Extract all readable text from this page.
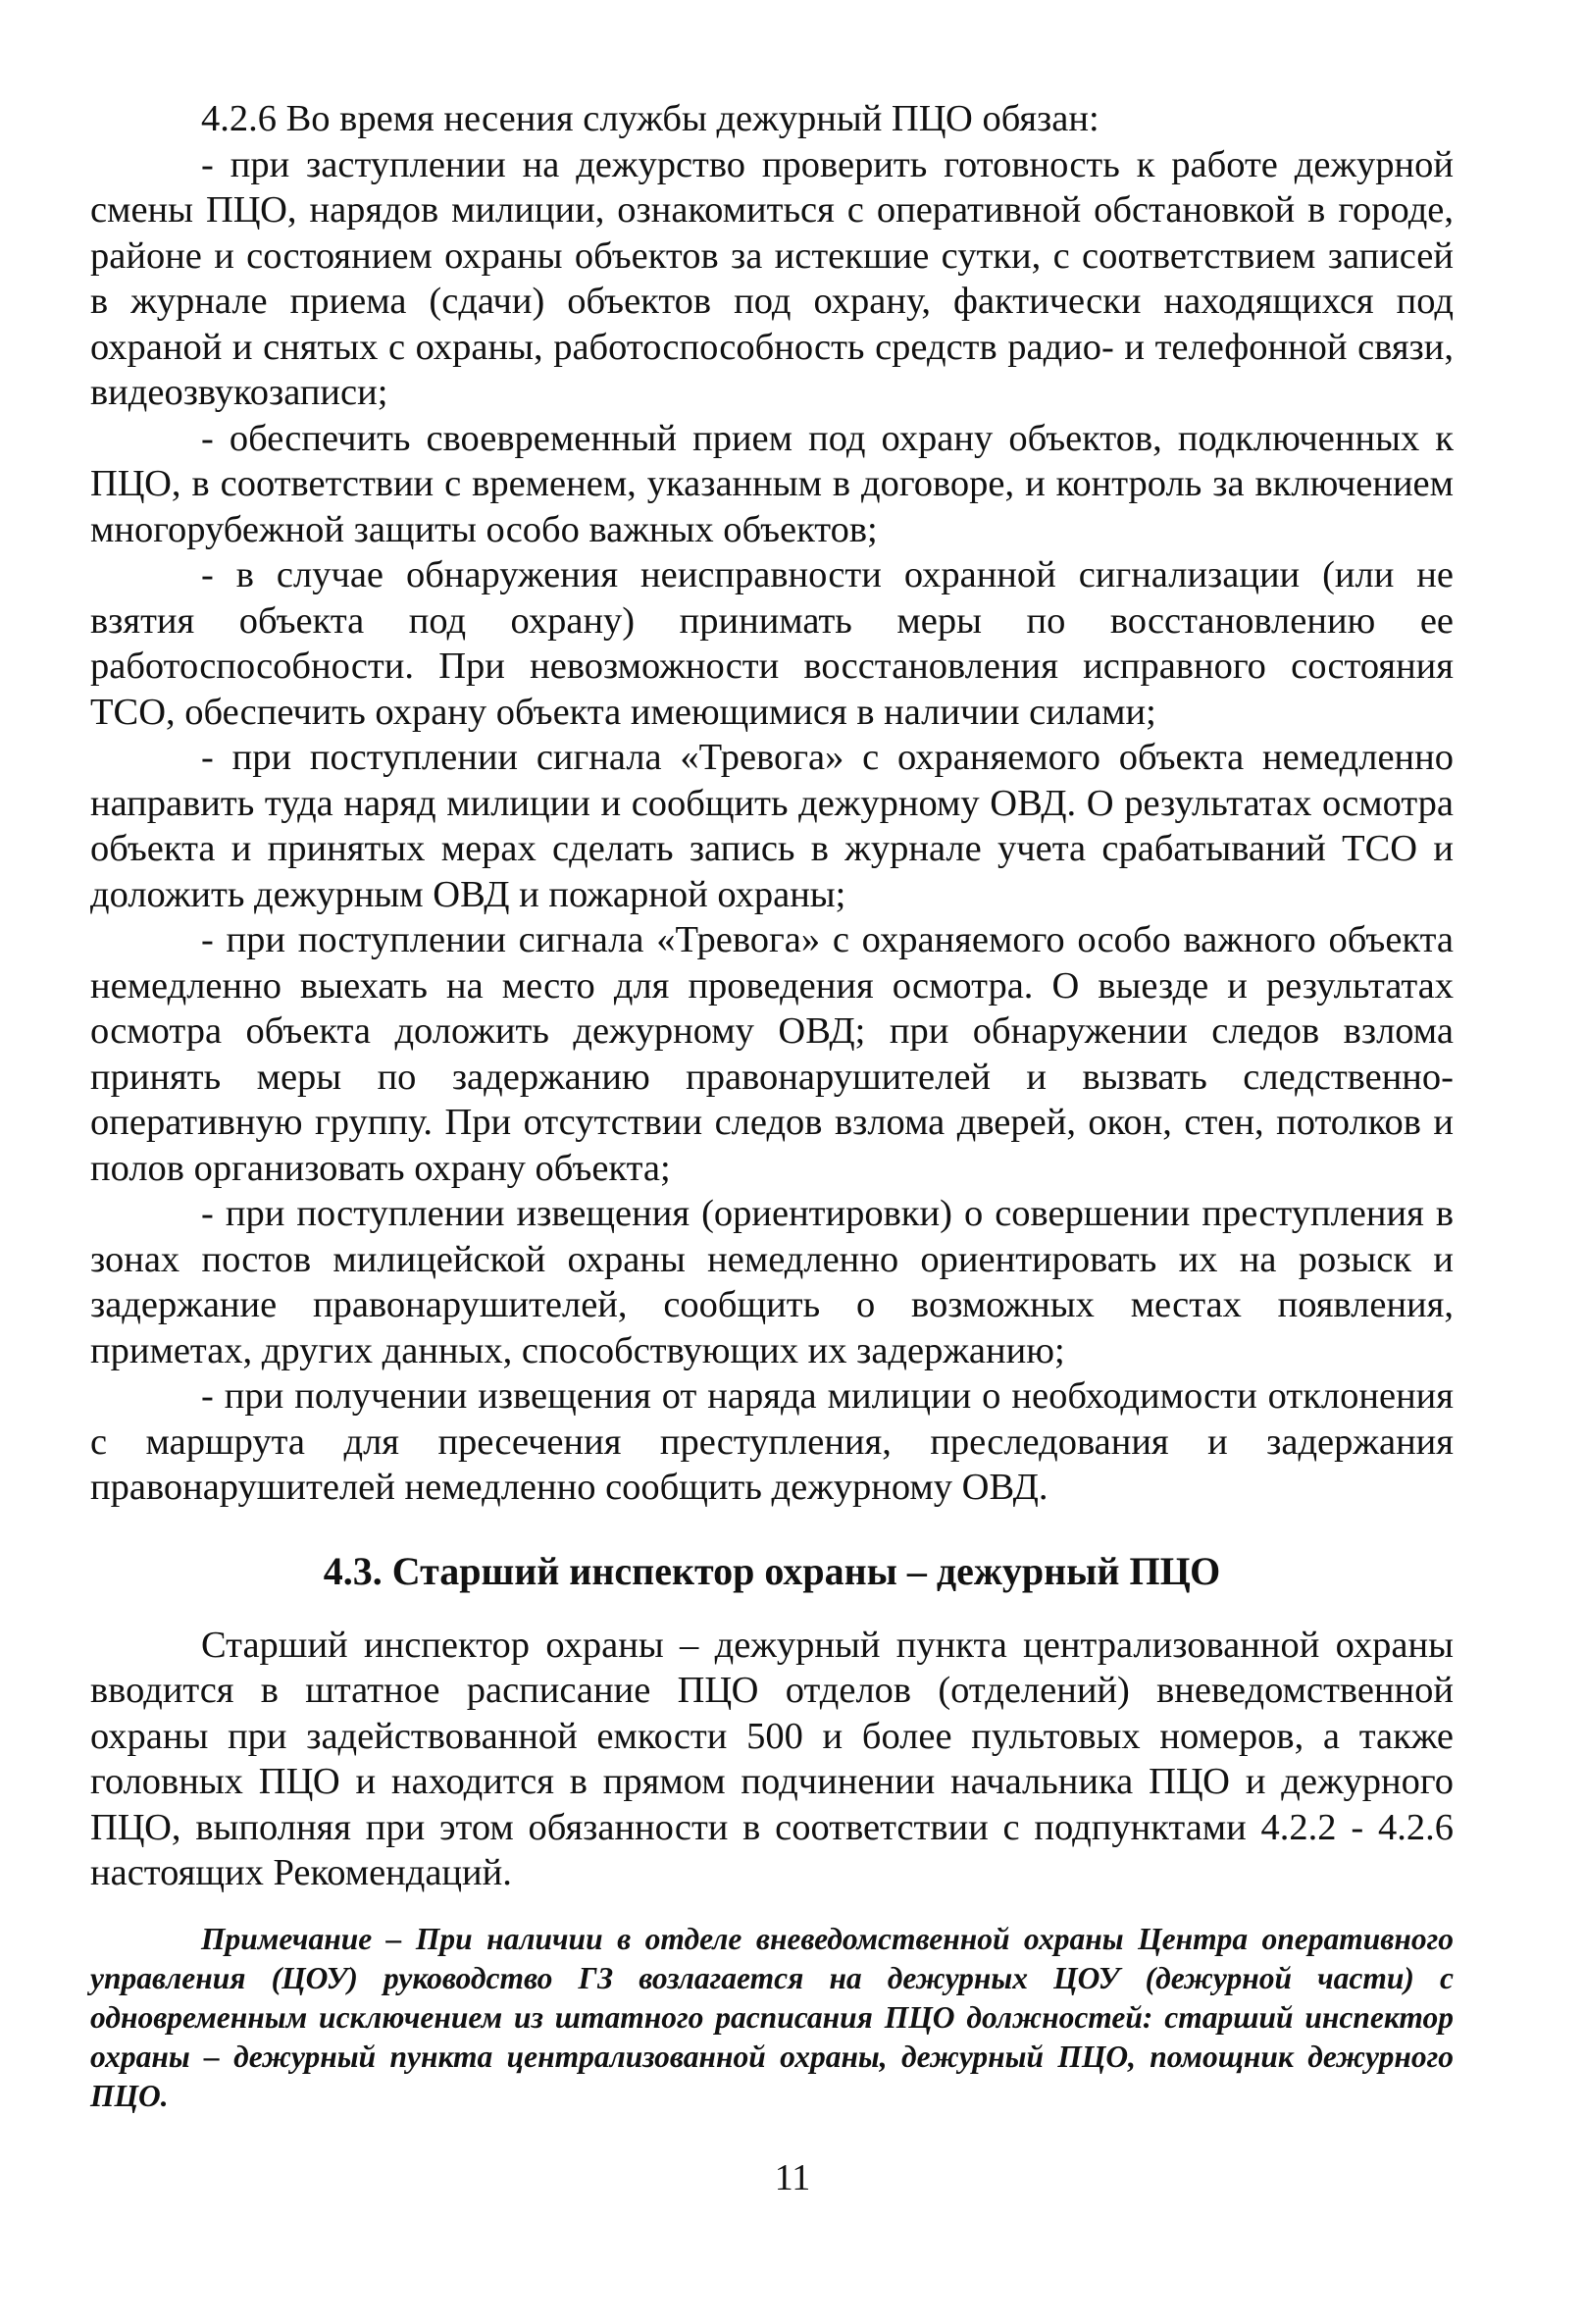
4.2.6 Во время несения службы дежурный ПЦО обязан:

- при заступлении на дежурство проверить готовность к работе дежурной смены ПЦО, нарядов милиции, ознакомиться с оперативной обстановкой в городе, районе и состоянием охраны объектов за истекшие сутки, с соответствием записей в журнале приема (сдачи) объектов под охрану, фактически находящихся под охраной и снятых с охраны, работоспособность средств радио- и телефонной связи, видеозвукозаписи;

- обеспечить своевременный прием под охрану объектов, подключенных к ПЦО, в соответствии с временем, указанным в договоре, и контроль за включением многорубежной защиты особо важных объектов;

- в случае обнаружения неисправности охранной сигнализации (или не взятия объекта под охрану) принимать меры по восстановлению ее работоспособности. При невозможности восстановления исправного состояния ТСО, обеспечить охрану объекта имеющимися в наличии силами;

- при поступлении сигнала «Тревога» с охраняемого объекта немедленно направить туда наряд милиции и сообщить дежурному ОВД. О результатах осмотра объекта и принятых мерах сделать запись в журнале учета срабатываний ТСО и доложить дежурным ОВД и пожарной охраны;

- при поступлении сигнала «Тревога» с охраняемого особо важного объекта немедленно выехать на место для проведения осмотра. О выезде и результатах осмотра объекта доложить дежурному ОВД; при обнаружении следов взлома принять меры по задержанию правонарушителей и вызвать следственно-оперативную группу. При отсутствии следов взлома дверей, окон, стен, потолков и полов организовать охрану объекта;

- при поступлении извещения (ориентировки) о совершении преступления в зонах постов милицейской охраны немедленно ориентировать их на розыск и задержание правонарушителей, сообщить о возможных местах появления, приметах, других данных, способствующих их задержанию;

- при получении извещения от наряда милиции о необходимости отклонения с маршрута для пресечения преступления, преследования и задержания правонарушителей немедленно сообщить дежурному ОВД.

4.3. Старший инспектор охраны – дежурный ПЦО

Старший инспектор охраны – дежурный пункта централизованной охраны вводится в штатное расписание ПЦО отделов (отделений) вневедомственной охраны при задействованной емкости 500 и более пультовых номеров, а также головных ПЦО и находится в прямом подчинении начальника ПЦО и дежурного ПЦО, выполняя при этом обязанности в соответствии с подпунктами 4.2.2 - 4.2.6 настоящих Рекомендаций.

Примечание – При наличии в отделе вневедомственной охраны Центра оперативного управления (ЦОУ) руководство ГЗ возлагается на дежурных ЦОУ (дежурной части) с одновременным исключением из штатного расписания ПЦО должностей: старший инспектор охраны – дежурный пункта централизованной охраны, дежурный ПЦО, помощник дежурного ПЦО.

11
